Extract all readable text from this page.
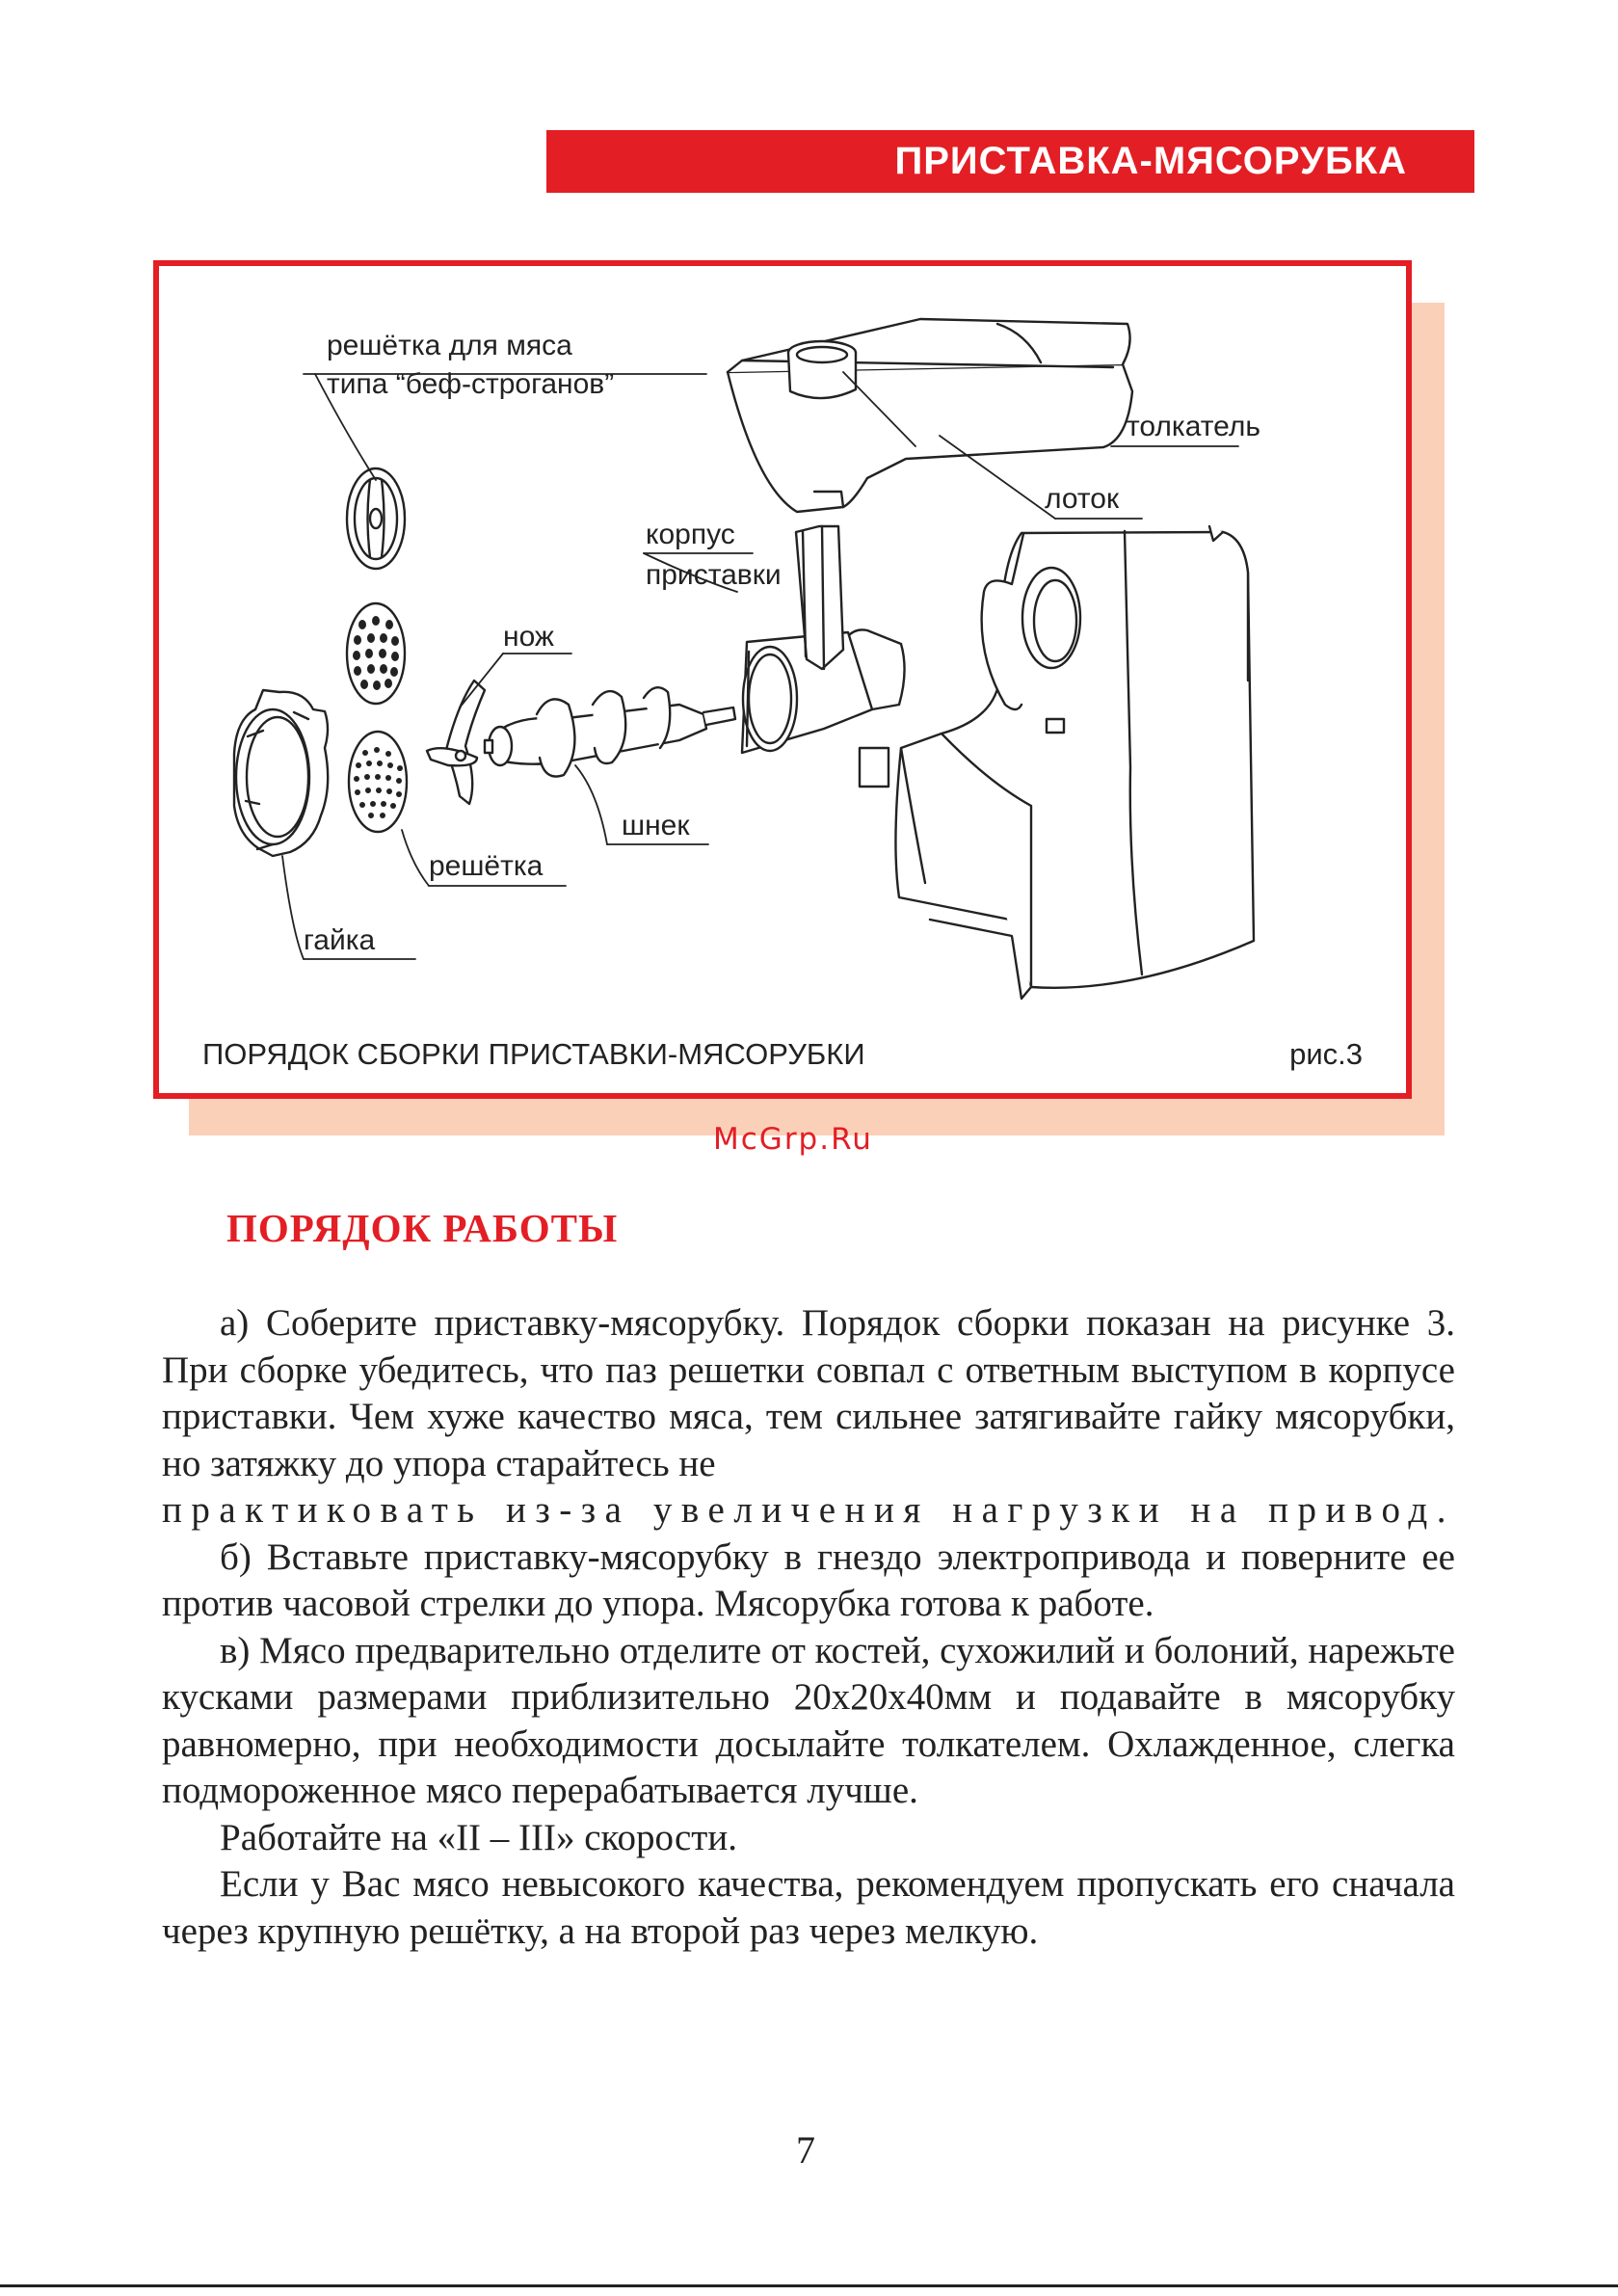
ПРИСТАВКА-МЯСОРУБКА
решётка для мяса
типа “беф-строганов”
толкатель
лоток
корпус
приставки
нож
шнек
решётка
гайка
ПОРЯДОК СБОРКИ ПРИСТАВКИ-МЯСОРУБКИ	рис.3
McGrp.Ru
ПОРЯДОК РАБОТЫ

а) Соберите приставку-мясорубку. Порядок сборки показан на рисунке 3. При сборке убедитесь, что паз решетки совпал с ответным выступом в корпусе приставки. Чем хуже качество мяса, тем сильнее затягивайте гайку мясорубки, но затяжку до упора старайтесь не

практиковать из-за увеличения нагрузки на привод.

б) Вставьте приставку-мясорубку в гнездо электропривода и поверните ее против часовой стрелки до упора. Мясорубка готова к работе.

в) Мясо предварительно отделите от костей, сухожилий и болоний, нарежьте кусками размерами приблизительно 20х20х40мм и подавайте в мясорубку равномерно, при необходимости досылайте толкателем. Охлажденное, слегка подмороженное мясо перерабатывается лучше.

Работайте на «II – III» скорости.

Если у Вас мясо невысокого качества, рекомендуем пропускать его сначала через крупную решётку, а на второй раз через мелкую.

7
